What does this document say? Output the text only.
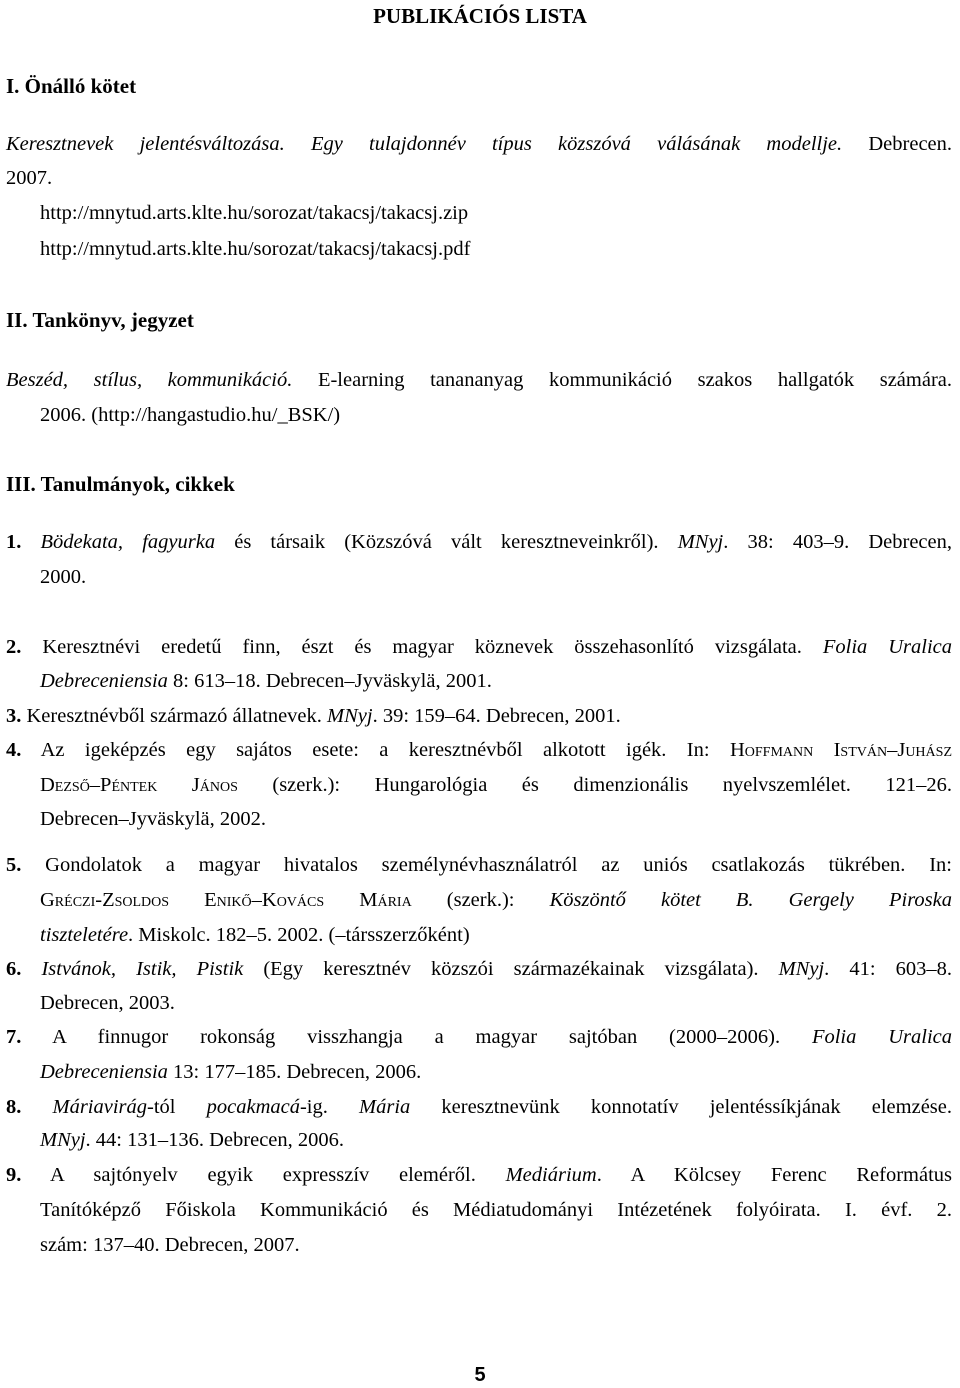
PUBLIKÁCIÓS LISTA
I. Önálló kötet
Keresztnevek jelentésváltozása. Egy tulajdonnév típus közszóvá válásának modellje. Debrecen.
2007.
http://mnytud.arts.klte.hu/sorozat/takacsj/takacsj.zip
http://mnytud.arts.klte.hu/sorozat/takacsj/takacsj.pdf
II. Tankönyv, jegyzet
Beszéd, stílus, kommunikáció. E-learning tanananyag kommunikáció szakos hallgatók számára.
2006. (http://hangastudio.hu/_BSK/)
III. Tanulmányok, cikkek
1. Bödekata, fagyurka és társaik (Közszóvá vált keresztneveinkről). MNyj. 38: 403–9. Debrecen,
2000.
2. Keresztnévi eredetű finn, észt és magyar köznevek összehasonlító vizsgálata. Folia Uralica
Debreceniensia 8: 613–18. Debrecen–Jyväskylä, 2001.
3. Keresztnévből származó állatnevek. MNyj. 39: 159–64. Debrecen, 2001.
4. Az igeképzés egy sajátos esete: a keresztnévből alkotott igék. In: Hoffmann István–Juhász
Dezső–Péntek János (szerk.): Hungarológia és dimenzionális nyelvszemlélet. 121–26.
Debrecen–Jyväskylä, 2002.
5. Gondolatok a magyar hivatalos személynévhasználatról az uniós csatlakozás tükrében. In:
Gréczi-Zsoldos Enikő–Kovács Mária (szerk.): Köszöntő kötet B. Gergely Piroska
tiszteletére. Miskolc. 182–5. 2002. (–társszerzőként)
6. Istvánok, Istik, Pistik (Egy keresztnév közszói származékainak vizsgálata). MNyj. 41: 603–8.
Debrecen, 2003.
7. A finnugor rokonság visszhangja a magyar sajtóban (2000–2006). Folia Uralica
Debreceniensia 13: 177–185. Debrecen, 2006.
8. Máriavirág-tól pocakmacá-ig. Mária keresztnevünk konnotatív jelentéssíkjának elemzése.
MNyj. 44: 131–136. Debrecen, 2006.
9. A sajtónyelv egyik expresszív eleméről. Mediárium. A Kölcsey Ferenc Református
Tanítóképző Főiskola Kommunikáció és Médiatudományi Intézetének folyóirata. I. évf. 2.
szám: 137–40. Debrecen, 2007.
5
